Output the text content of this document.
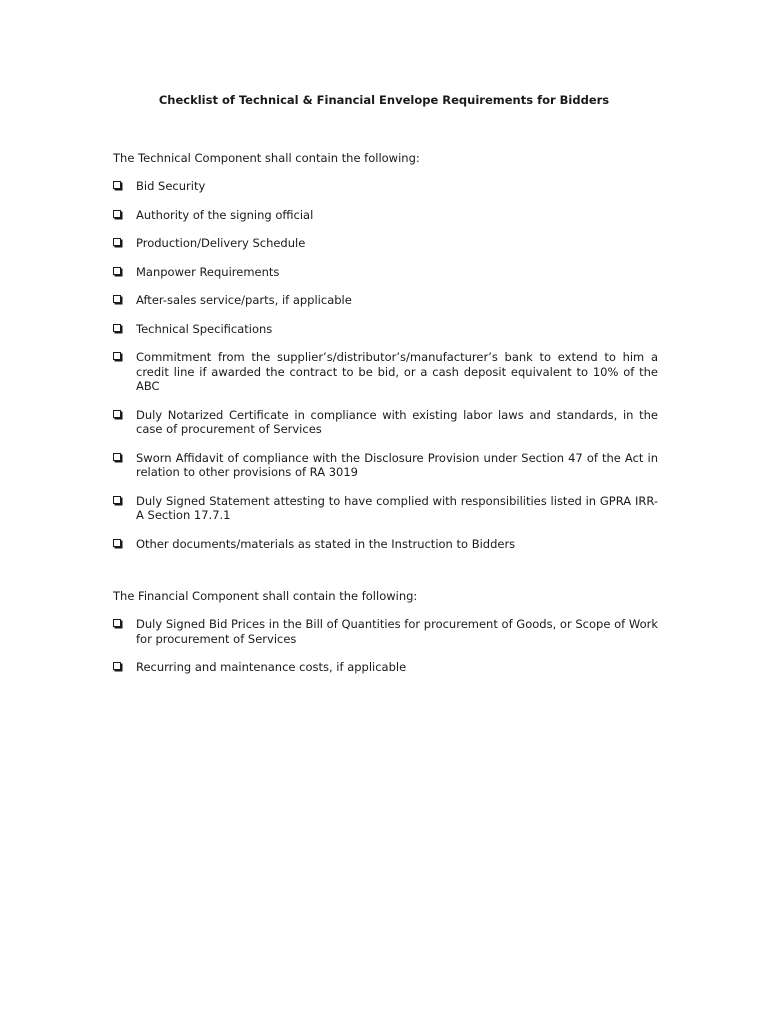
Checklist of Technical & Financial Envelope Requirements for Bidders

The Technical Component shall contain the following:

Bid Security
Authority of the signing official
Production/Delivery Schedule
Manpower Requirements
After-sales service/parts, if applicable
Technical Specifications
Commitment from the supplier’s/distributor’s/manufacturer’s bank to extend to him a credit line if awarded the contract to be bid, or a cash deposit equivalent to 10% of the ABC
Duly Notarized Certificate in compliance with existing labor laws and standards, in the case of procurement of Services
Sworn Affidavit of compliance with the Disclosure Provision under Section 47 of the Act in relation to other provisions of RA 3019
Duly Signed Statement attesting to have complied with responsibilities listed in GPRA IRR-A Section 17.7.1
Other documents/materials as stated in the Instruction to Bidders

The Financial Component shall contain the following:

Duly Signed Bid Prices in the Bill of Quantities for procurement of Goods, or Scope of Work for procurement of Services
Recurring and maintenance costs, if applicable
